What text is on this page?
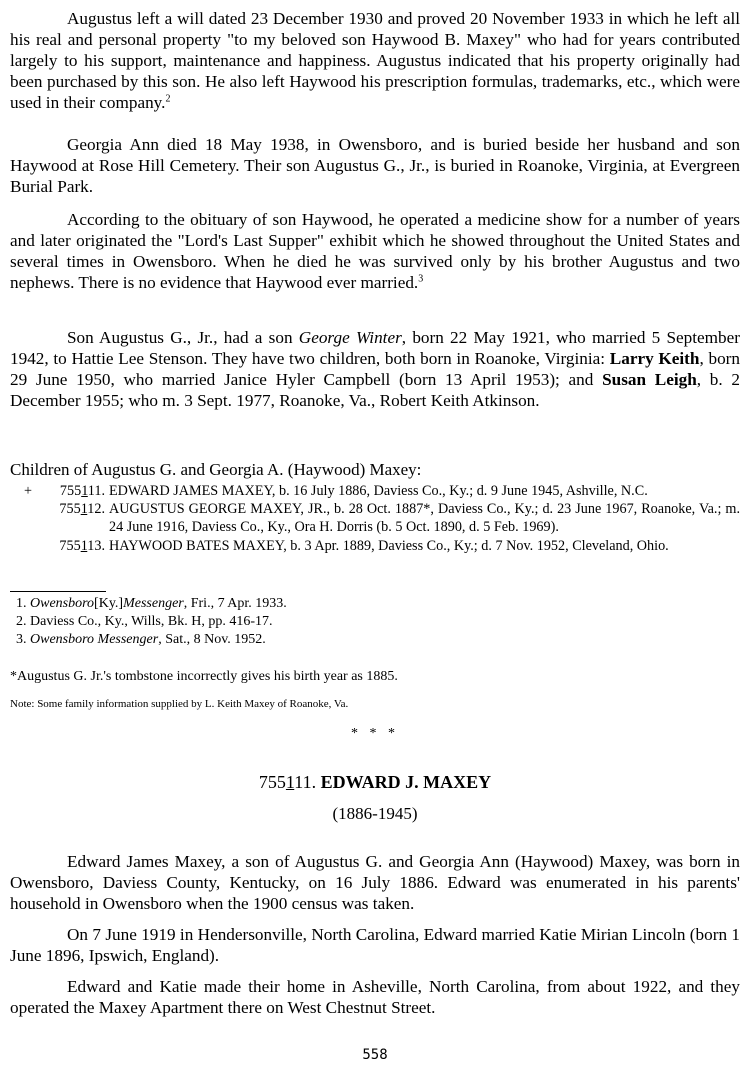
Augustus left a will dated 23 December 1930 and proved 20 November 1933 in which he left all his real and personal property "to my beloved son Haywood B. Maxey" who had for years contributed largely to his support, maintenance and happiness. Augustus indicated that his property originally had been purchased by this son. He also left Haywood his prescription formulas, trademarks, etc., which were used in their company.$^2$

Georgia Ann died 18 May 1938, in Owensboro, and is buried beside her husband and son Haywood at Rose Hill Cemetery. Their son Augustus G., Jr., is buried in Roanoke, Virginia, at Evergreen Burial Park.

According to the obituary of son Haywood, he operated a medicine show for a number of years and later originated the "Lord's Last Supper" exhibit which he showed throughout the United States and several times in Owensboro. When he died he was survived only by his brother Augustus and two nephews. There is no evidence that Haywood ever married.$^3$

Son Augustus G., Jr., had a son George Winter, born 22 May 1921, who married 5 September 1942, to Hattie Lee Stenson. They have two children, both born in Roanoke, Virginia: Larry Keith, born 29 June 1950, who married Janice Hyler Campbell (born 13 April 1953); and Susan Leigh, b. 2 December 1955; who m. 3 Sept. 1977, Roanoke, Va., Robert Keith Atkinson.

Children of Augustus G. and Georgia A. (Haywood) Maxey:

+	755111. EDWARD JAMES MAXEY, b. 16 July 1886, Daviess Co., Ky.; d. 9 June 1945, Ashville, N.C.
755112. AUGUSTUS GEORGE MAXEY, JR., b. 28 Oct. 1887*, Daviess Co., Ky.; d. 23 June 1967, Roanoke, Va.; m. 24 June 1916, Daviess Co., Ky., Ora H. Dorris (b. 5 Oct. 1890, d. 5 Feb. 1969).
755113. HAYWOOD BATES MAXEY, b. 3 Apr. 1889, Daviess Co., Ky.; d. 7 Nov. 1952, Cleveland, Ohio.

1. Owensboro[Ky.]Messenger, Fri., 7 Apr. 1933.

2. Daviess Co., Ky., Wills, Bk. H, pp. 416-17.

3. Owensboro Messenger, Sat., 8 Nov. 1952.

*Augustus G. Jr.'s tombstone incorrectly gives his birth year as 1885.

Note: Some family information supplied by L. Keith Maxey of Roanoke, Va.

* * *
755111. EDWARD J. MAXEY
(1886-1945)

Edward James Maxey, a son of Augustus G. and Georgia Ann (Haywood) Maxey, was born in Owensboro, Daviess County, Kentucky, on 16 July 1886. Edward was enumerated in his parents' household in Owensboro when the 1900 census was taken.

On 7 June 1919 in Hendersonville, North Carolina, Edward married Katie Mirian Lincoln (born 1 June 1896, Ipswich, England).

Edward and Katie made their home in Asheville, North Carolina, from about 1922, and they operated the Maxey Apartment there on West Chestnut Street.

558
